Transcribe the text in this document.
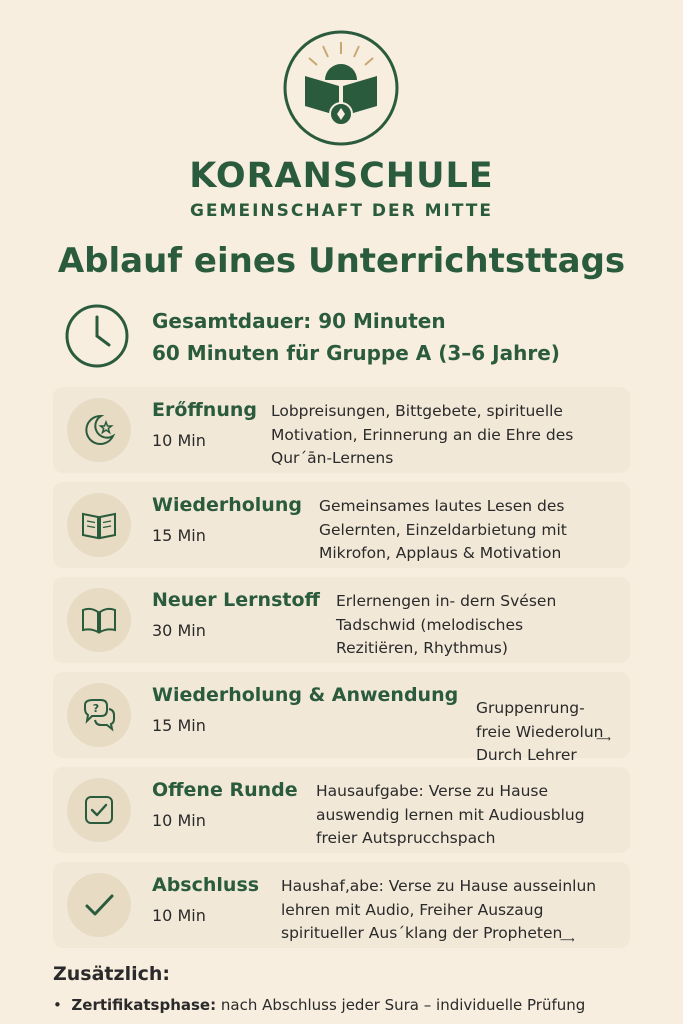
KORANSCHULE
GEMEINSCHAFT DER MITTE
Ablauf eines Unterrichtsttags
Gesamtdauer: 90 Minuten
60 Minuten für Gruppe A (3–6 Jahre)
Erőffnung
10 Min
Lobpreisungen, Bittgebete, spirituelle
Motivation, Erinnerung an die Ehre des
Qur´ān-Lernens
Wiederholung
15 Min
Gemeinsames lautes Lesen des
Gelernten, Einzeldarbietung mit
Mikrofon, Applaus & Motivation
Neuer Lernstoff
30 Min
Erlernengen in- dern Svésen
Tadschwid (melodisches
Rezitiëren, Rhythmus)
?
Wiederholung & Anwendung
15 Min
Gruppenrung-
freie Wiederolun͢
Durch Lehrer
Offene Runde
10 Min
Hausaufgabe: Verse zu Hause
auswendig lernen mit Audiousblug
freier Autsprucchspach
Abschluss
10 Min
Haushaf‚abe: Verse zu Hause ausseinlun
lehren mit Audio, Freiher Auszaug
spiritueller Aus´klang der Propheten ͢
Zusätzlich:
•  Zertifikatsphase: nach Abschluss jeder Sura – individuelle Prüfung
